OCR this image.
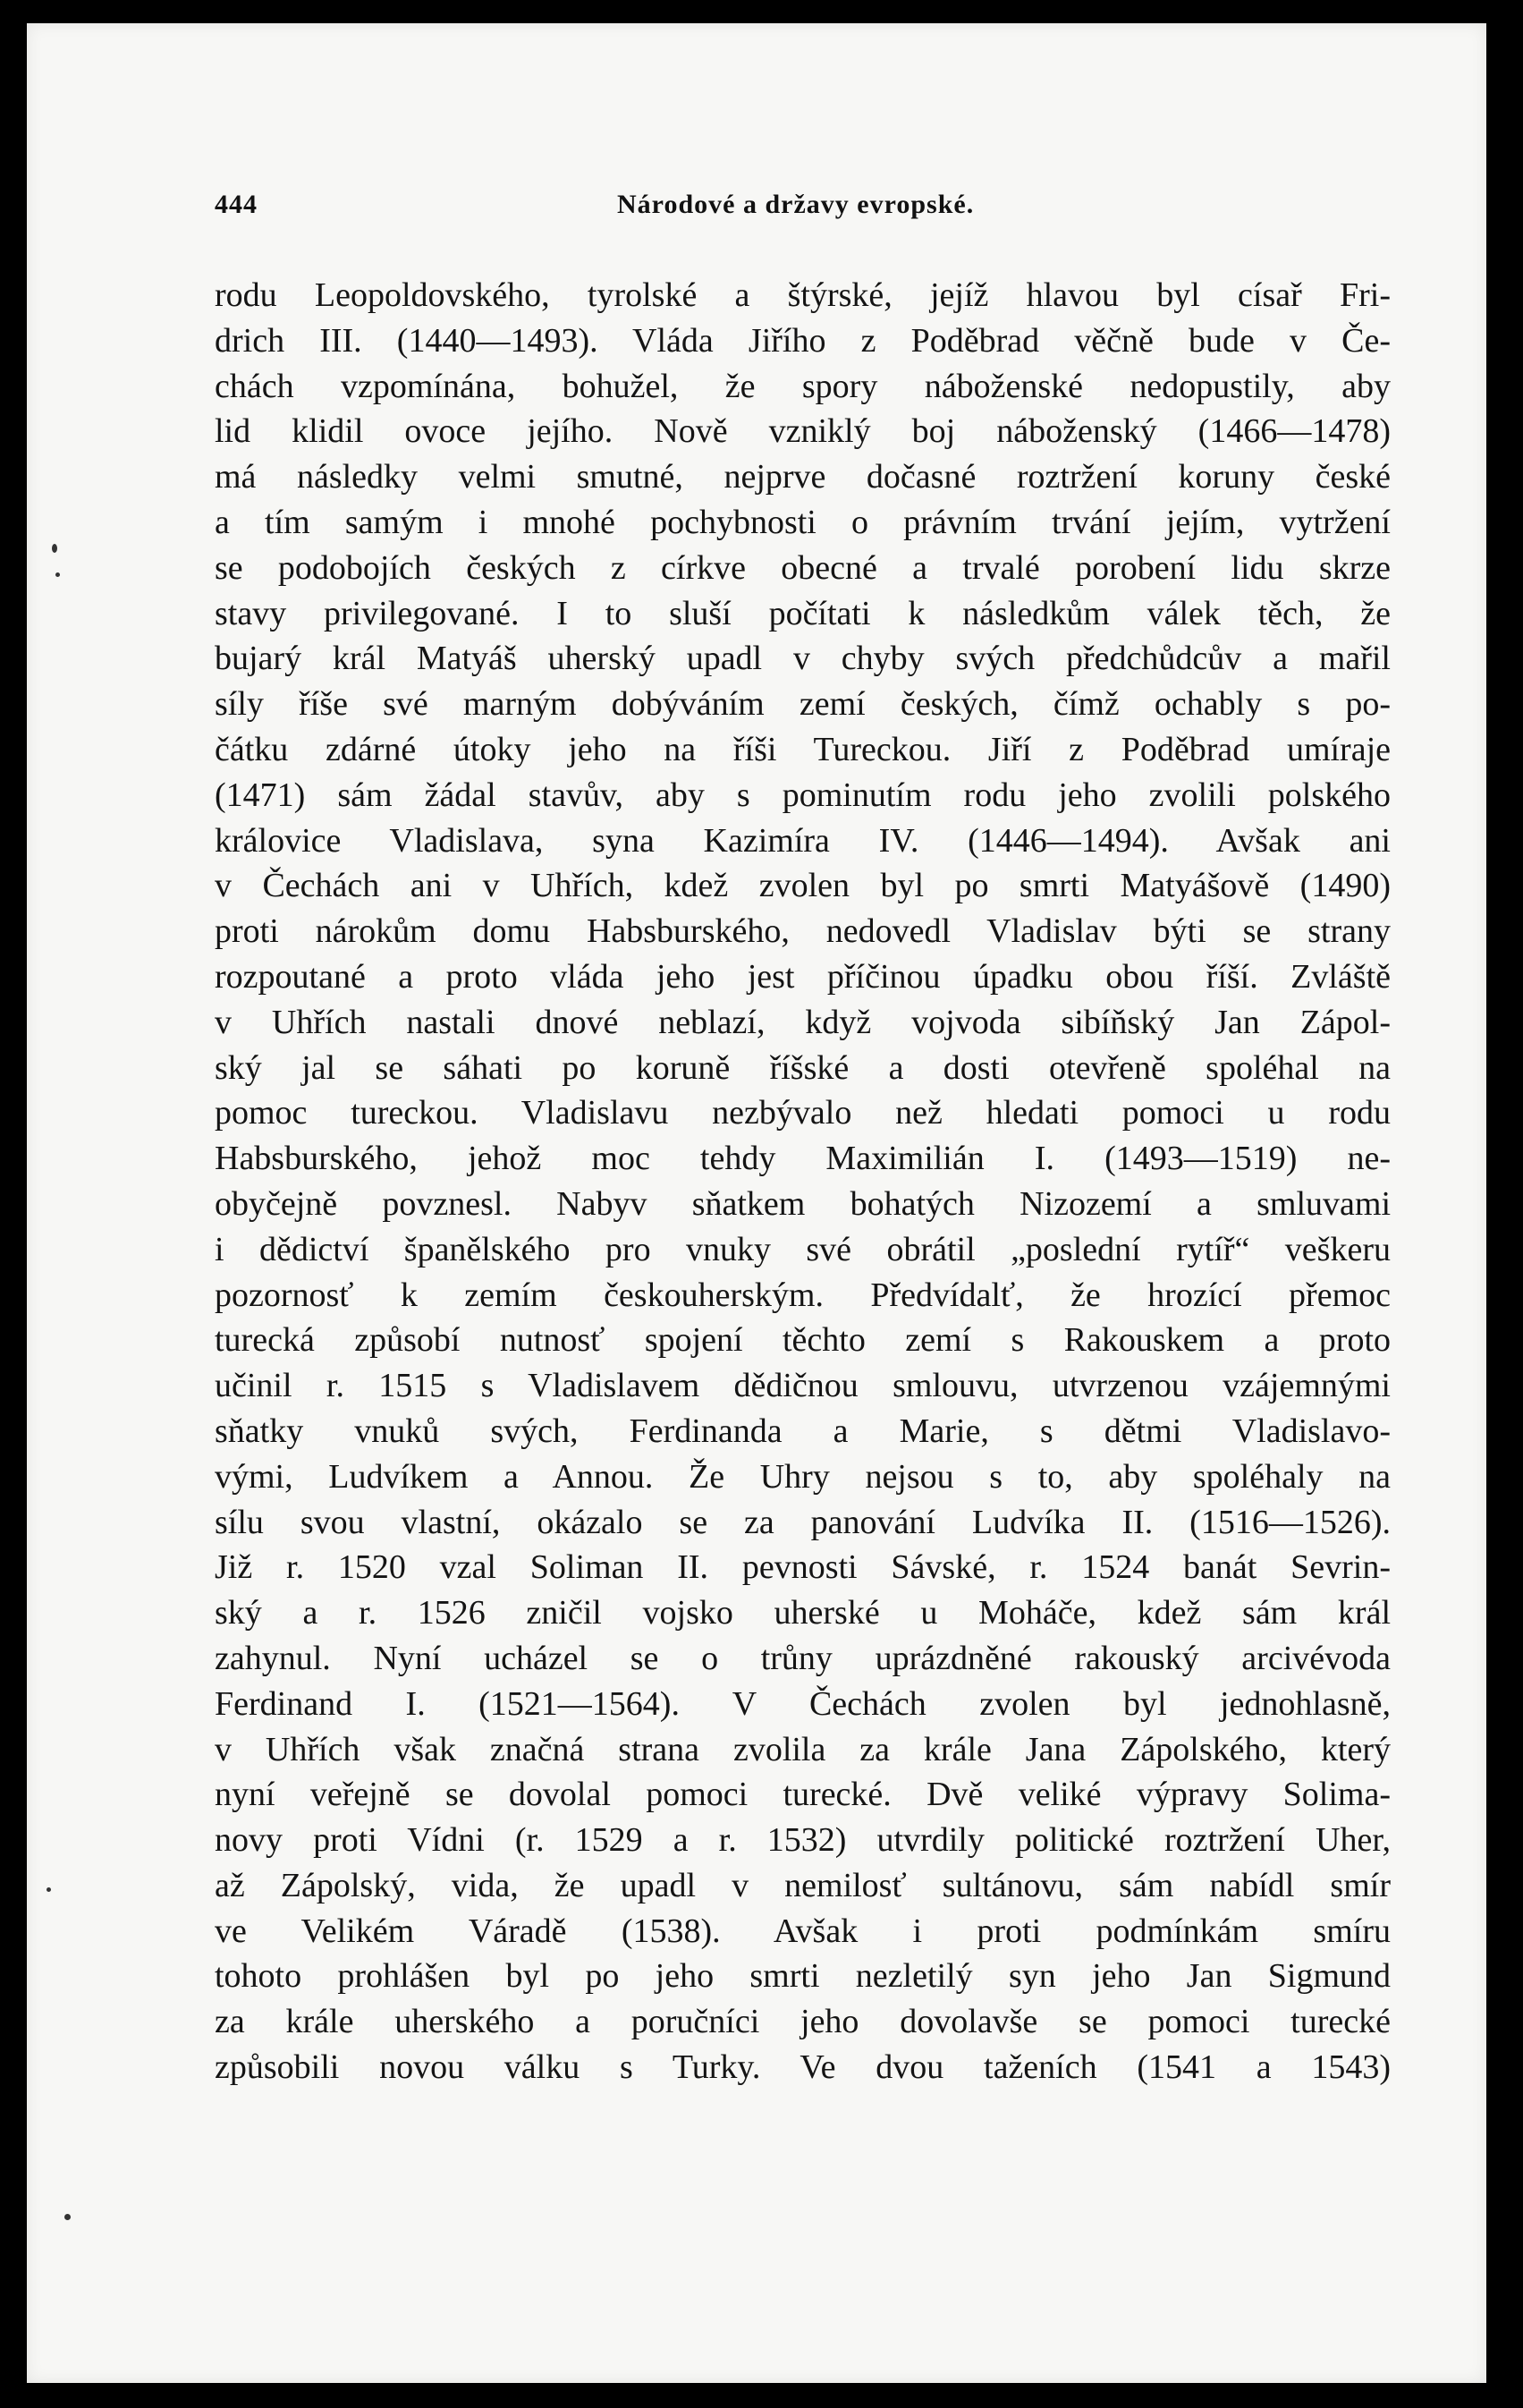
444	Národové a državy evropské.
rodu Leopoldovského, tyrolské a štýrské, jejíž hlavou byl císař Fri-
drich III. (1440—1493). Vláda Jiřího z Poděbrad věčně bude v Če-
chách vzpomínána, bohužel, že spory náboženské nedopustily, aby
lid klidil ovoce jejího. Nově vzniklý boj náboženský (1466—1478)
má následky velmi smutné, nejprve dočasné roztržení koruny české
a tím samým i mnohé pochybnosti o právním trvání jejím, vytržení
se podobojích českých z církve obecné a trvalé porobení lidu skrze
stavy privilegované. I to sluší počítati k následkům válek těch, že
bujarý král Matyáš uherský upadl v chyby svých předchůdcův a mařil
síly říše své marným dobýváním zemí českých, čímž ochably s po-
čátku zdárné útoky jeho na říši Tureckou. Jiří z Poděbrad umíraje
(1471) sám žádal stavův, aby s pominutím rodu jeho zvolili polského
královice Vladislava, syna Kazimíra IV. (1446—1494). Avšak ani
v Čechách ani v Uhřích, kdež zvolen byl po smrti Matyášově (1490)
proti nárokům domu Habsburského, nedovedl Vladislav býti se strany
rozpoutané a proto vláda jeho jest příčinou úpadku obou říší. Zvláště
v Uhřích nastali dnové neblazí, když vojvoda sibíňský Jan Zápol-
ský jal se sáhati po koruně říšské a dosti otevřeně spoléhal na
pomoc tureckou. Vladislavu nezbývalo než hledati pomoci u rodu
Habsburského, jehož moc tehdy Maximilián I. (1493—1519) ne-
obyčejně povznesl. Nabyv sňatkem bohatých Nizozemí a smluvami
i dědictví španělského pro vnuky své obrátil „poslední rytíř“ veškeru
pozornosť k zemím českouherským. Předvídalť, že hrozící přemoc
turecká způsobí nutnosť spojení těchto zemí s Rakouskem a proto
učinil r. 1515 s Vladislavem dědičnou smlouvu, utvrzenou vzájemnými
sňatky vnuků svých, Ferdinanda a Marie, s dětmi Vladislavo-
vými, Ludvíkem a Annou. Že Uhry nejsou s to, aby spoléhaly na
sílu svou vlastní, okázalo se za panování Ludvíka II. (1516—1526).
Již r. 1520 vzal Soliman II. pevnosti Sávské, r. 1524 banát Sevrin-
ský a r. 1526 zničil vojsko uherské u Moháče, kdež sám král
zahynul. Nyní ucházel se o trůny uprázdněné rakouský arcivévoda
Ferdinand I. (1521—1564). V Čechách zvolen byl jednohlasně,
v Uhřích však značná strana zvolila za krále Jana Zápolského, který
nyní veřejně se dovolal pomoci turecké. Dvě veliké výpravy Solima-
novy proti Vídni (r. 1529 a r. 1532) utvrdily politické roztržení Uher,
až Zápolský, vida, že upadl v nemilosť sultánovu, sám nabídl smír
ve Velikém Váradě (1538). Avšak i proti podmínkám smíru
tohoto prohlášen byl po jeho smrti nezletilý syn jeho Jan Sigmund
za krále uherského a poručníci jeho dovolavše se pomoci turecké
způsobili novou válku s Turky. Ve dvou taženích (1541 a 1543)
